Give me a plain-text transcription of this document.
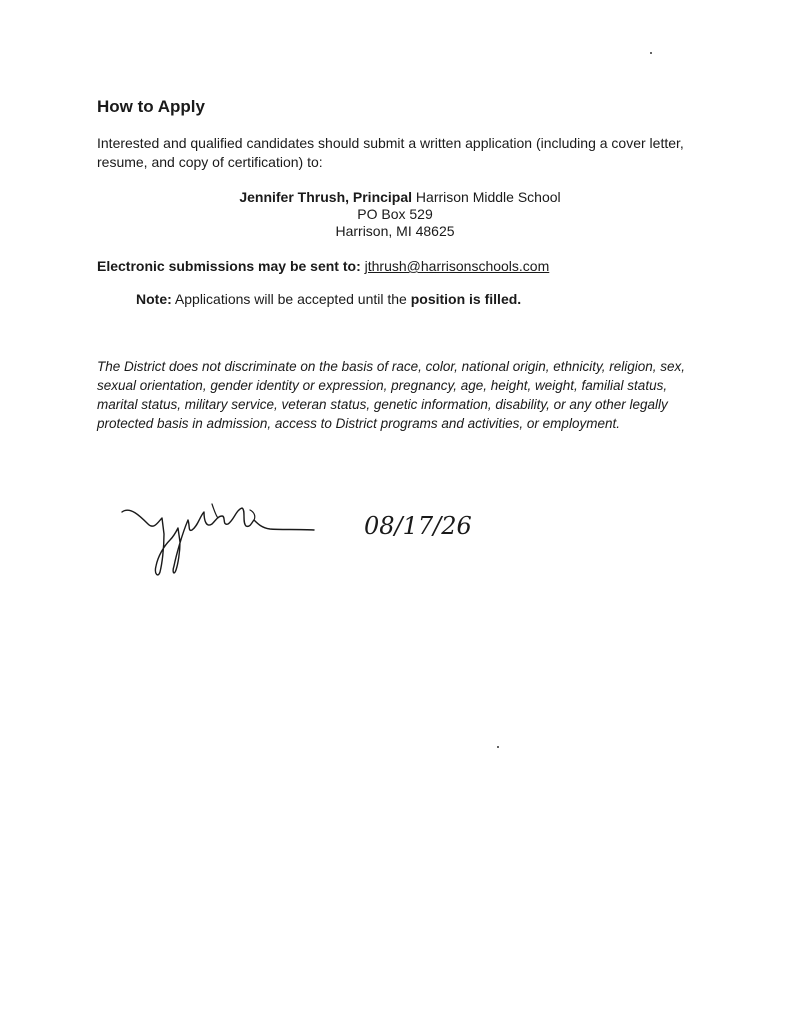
How to Apply

Interested and qualified candidates should submit a written application (including a cover letter, resume, and copy of certification) to:

Jennifer Thrush, Principal Harrison Middle School
PO Box 529
Harrison, MI 48625
Electronic submissions may be sent to: jthrush@harrisonschools.com
Note: Applications will be accepted until the position is filled.

The District does not discriminate on the basis of race, color, national origin, ethnicity, religion, sex, sexual orientation, gender identity or expression, pregnancy, age, height, weight, familial status, marital status, military service, veteran status, genetic information, disability, or any other legally protected basis in admission, access to District programs and activities, or employment.

08/17/26
